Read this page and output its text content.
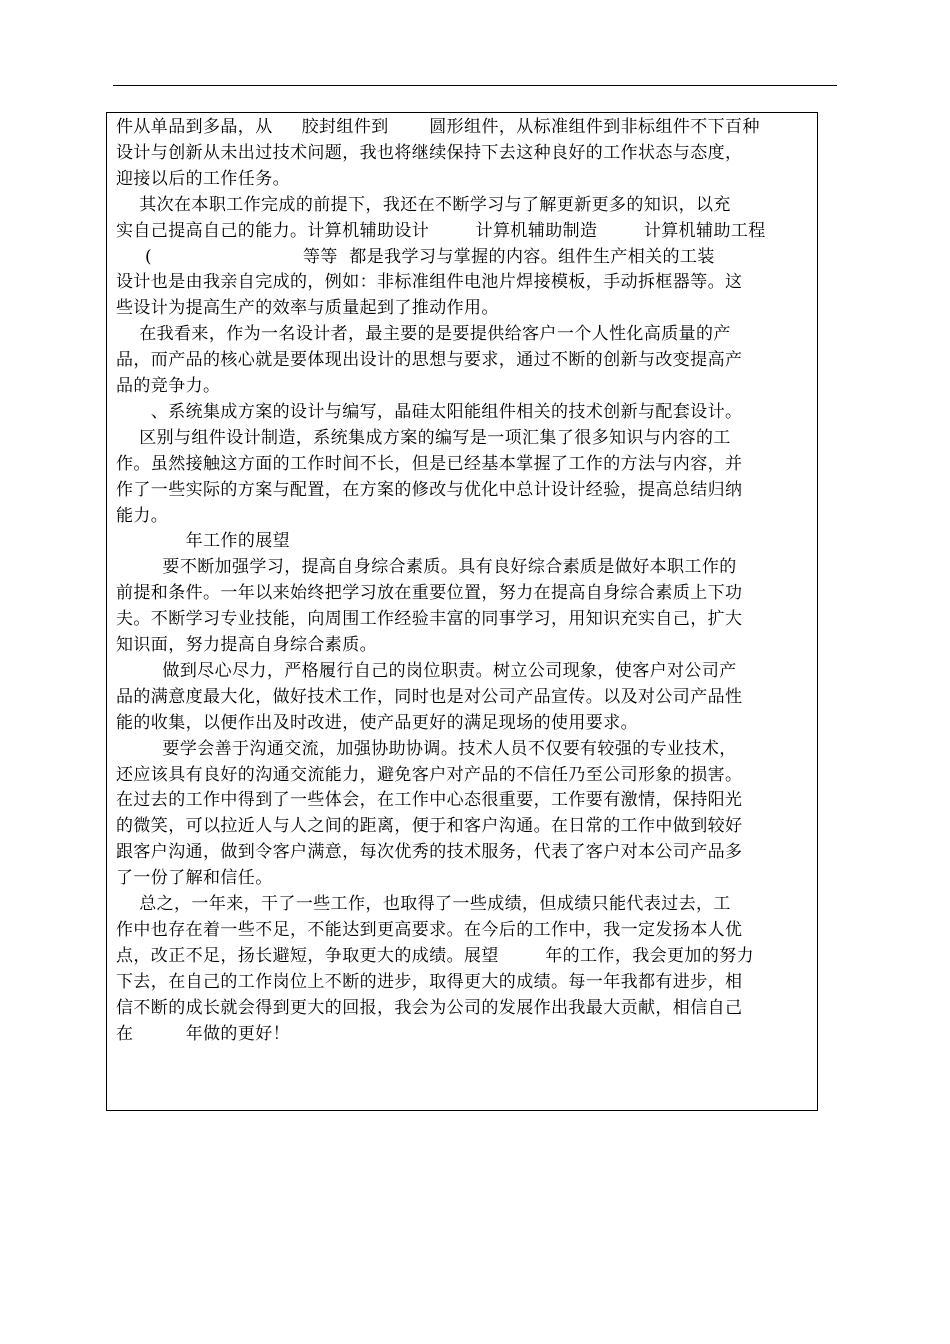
件从单品到多晶，从     胶封组件到       圆形组件，从标准组件到非标组件不下百种
设计与创新从未出过技术问题，我也将继续保持下去这种良好的工作状态与态度，
迎接以后的工作任务。
其次在本职工作完成的前提下，我还在不断学习与了解更新更多的知识，以充
实自己提高自己的能力。计算机辅助设计        计算机辅助制造        计算机辅助工程
(                          等等  都是我学习与掌握的内容。组件生产相关的工装
设计也是由我亲自完成的，例如：非标准组件电池片焊接模板，手动拆框器等。这
些设计为提高生产的效率与质量起到了推动作用。
在我看来，作为一名设计者，最主要的是要提供给客户一个人性化高质量的产
品，而产品的核心就是要体现出设计的思想与要求，通过不断的创新与改变提高产
品的竞争力。
、系统集成方案的设计与编写，晶硅太阳能组件相关的技术创新与配套设计。
区别与组件设计制造，系统集成方案的编写是一项汇集了很多知识与内容的工
作。虽然接触这方面的工作时间不长，但是已经基本掌握了工作的方法与内容，并
作了一些实际的方案与配置，在方案的修改与优化中总计设计经验，提高总结归纳
能力。
年工作的展望
要不断加强学习，提高自身综合素质。具有良好综合素质是做好本职工作的
前提和条件。一年以来始终把学习放在重要位置，努力在提高自身综合素质上下功
夫。不断学习专业技能，向周围工作经验丰富的同事学习，用知识充实自己，扩大
知识面，努力提高自身综合素质。
做到尽心尽力，严格履行自己的岗位职责。树立公司现象，使客户对公司产
品的满意度最大化，做好技术工作，同时也是对公司产品宣传。以及对公司产品性
能的收集，以便作出及时改进，使产品更好的满足现场的使用要求。
要学会善于沟通交流，加强协助协调。技术人员不仅要有较强的专业技术，
还应该具有良好的沟通交流能力，避免客户对产品的不信任乃至公司形象的损害。
在过去的工作中得到了一些体会，在工作中心态很重要，工作要有激情，保持阳光
的微笑，可以拉近人与人之间的距离，便于和客户沟通。在日常的工作中做到较好
跟客户沟通，做到令客户满意，每次优秀的技术服务，代表了客户对本公司产品多
了一份了解和信任。
总之，一年来，干了一些工作，也取得了一些成绩，但成绩只能代表过去，工
作中也存在着一些不足，不能达到更高要求。在今后的工作中，我一定发扬本人优
点，改正不足，扬长避短，争取更大的成绩。展望        年的工作，我会更加的努力
下去，在自己的工作岗位上不断的进步，取得更大的成绩。每一年我都有进步，相
信不断的成长就会得到更大的回报，我会为公司的发展作出我最大贡献，相信自己
在         年做的更好！
